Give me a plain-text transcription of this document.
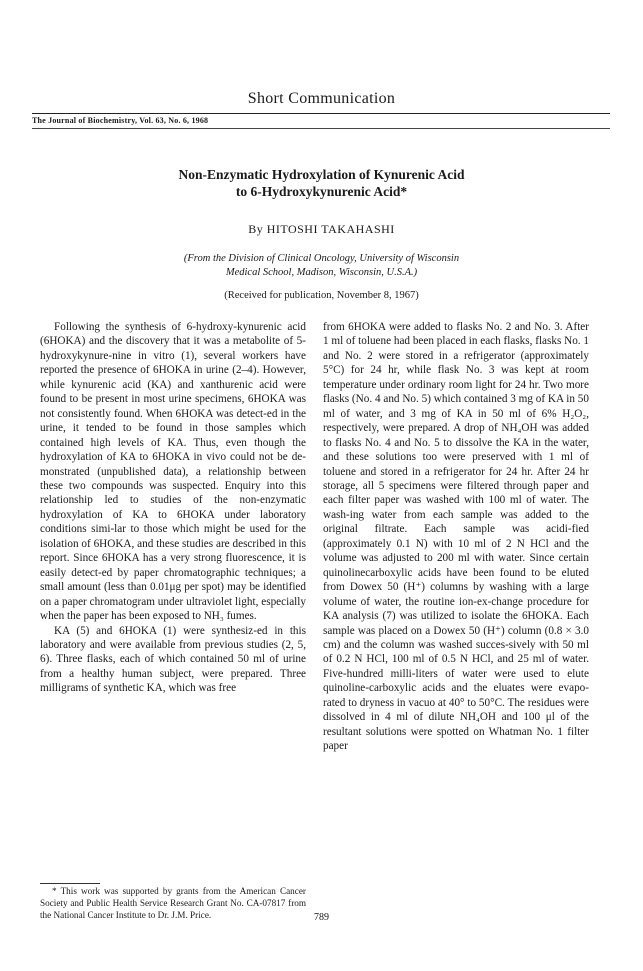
Short Communication
The Journal of Biochemistry, Vol. 63, No. 6, 1968
Non-Enzymatic Hydroxylation of Kynurenic Acid
to 6-Hydroxykynurenic Acid*
By HITOSHI TAKAHASHI
(From the Division of Clinical Oncology, University of Wisconsin
Medical School, Madison, Wisconsin, U.S.A.)
(Received for publication, November 8, 1967)

Following the synthesis of 6-hydroxy-kynurenic acid (6HOKA) and the discovery that it was a metabolite of 5-hydroxykynure-nine in vitro (1), several workers have reported the presence of 6HOKA in urine (2–4). However, while kynurenic acid (KA) and xanthurenic acid were found to be present in most urine specimens, 6HOKA was not consistently found. When 6HOKA was detect-ed in the urine, it tended to be found in those samples which contained high levels of KA. Thus, even though the hydroxylation of KA to 6HOKA in vivo could not be de-monstrated (unpublished data), a relationship between these two compounds was suspected. Enquiry into this relationship led to studies of the non-enzymatic hydroxylation of KA to 6HOKA under laboratory conditions simi-lar to those which might be used for the isolation of 6HOKA, and these studies are described in this report. Since 6HOKA has a very strong fluorescence, it is easily detect-ed by paper chromatographic techniques; a small amount (less than 0.01μg per spot) may be identified on a paper chromatogram under ultraviolet light, especially when the paper has been exposed to NH₃ fumes.

KA (5) and 6HOKA (1) were synthesiz-ed in this laboratory and were available from previous studies (2, 5, 6). Three flasks, each of which contained 50 ml of urine from a healthy human subject, were prepared. Three milligrams of synthetic KA, which was free

* This work was supported by grants from the American Cancer Society and Public Health Service Research Grant No. CA-07817 from the National Cancer Institute to Dr. J.M. Price.

from 6HOKA were added to flasks No. 2 and No. 3. After 1 ml of toluene had been placed in each flasks, flasks No. 1 and No. 2 were stored in a refrigerator (approximately 5°C) for 24 hr, while flask No. 3 was kept at room temperature under ordinary room light for 24 hr. Two more flasks (No. 4 and No. 5) which contained 3 mg of KA in 50 ml of water, and 3 mg of KA in 50 ml of 6% H₂O₂, respectively, were prepared. A drop of NH₄OH was added to flasks No. 4 and No. 5 to dissolve the KA in the water, and these solutions too were preserved with 1 ml of toluene and stored in a refrigerator for 24 hr. After 24 hr storage, all 5 specimens were filtered through paper and each filter paper was washed with 100 ml of water. The wash-ing water from each sample was added to the original filtrate. Each sample was acidi-fied (approximately 0.1 N) with 10 ml of 2 N HCl and the volume was adjusted to 200 ml with water. Since certain quinolinecarboxylic acids have been found to be eluted from Dowex 50 (H⁺) columns by washing with a large volume of water, the routine ion-ex-change procedure for KA analysis (7) was utilized to isolate the 6HOKA. Each sample was placed on a Dowex 50 (H⁺) column (0.8 × 3.0 cm) and the column was washed succes-sively with 50 ml of 0.2 N HCl, 100 ml of 0.5 N HCl, and 25 ml of water. Five-hundred milli-liters of water were used to elute quinoline-carboxylic acids and the eluates were evapo-rated to dryness in vacuo at 40° to 50°C. The residues were dissolved in 4 ml of dilute NH₄OH and 100 μl of the resultant solutions were spotted on Whatman No. 1 filter paper

789
